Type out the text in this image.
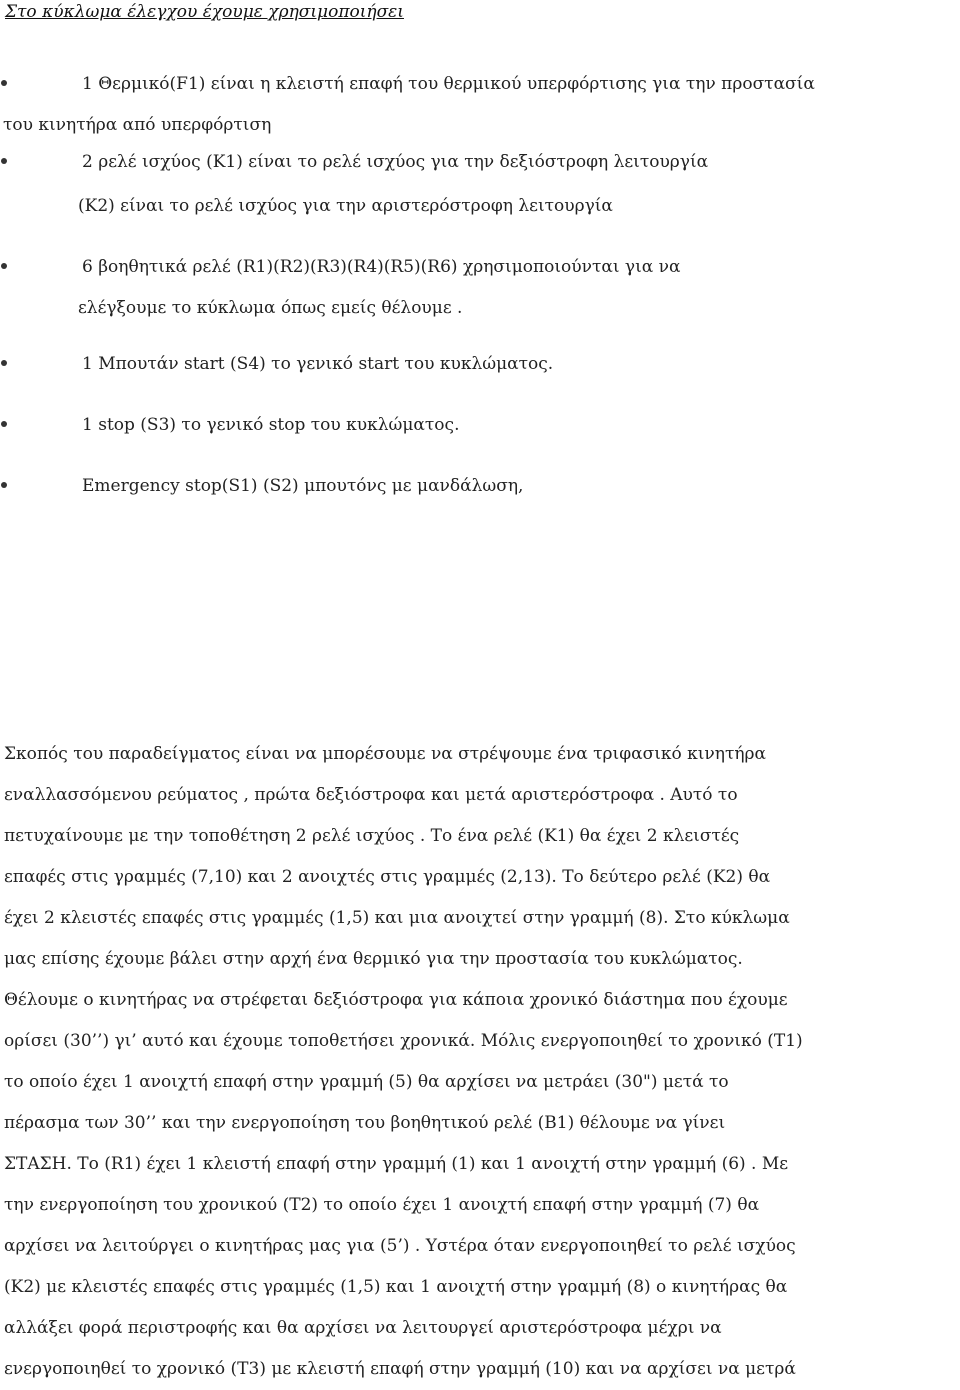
Στο κύκλωμα έλεγχου έχουμε χρησιμοποιήσει
1 Θερμικό(F1) είναι η κλειστή επαφή του θερμικού υπερφόρτισης για την προστασία
του κινητήρα από υπερφόρτιση
2 ρελέ ισχύος (Κ1) είναι το ρελέ ισχύος για την δεξιόστροφη λειτουργία
(Κ2) είναι το ρελέ ισχύος για την αριστερόστροφη λειτουργία
6 βοηθητικά ρελέ (R1)(R2)(R3)(R4)(R5)(R6) χρησιμοποιούνται για να
ελέγξουμε το κύκλωμα όπως εμείς θέλουμε .
1 Μπουτάν start (S4) το γενικό start του κυκλώματος.
1 stop (S3) το γενικό stop του κυκλώματος.
Emergency stop(S1) (S2) μπουτόνς με μανδάλωση,
Σκοπός του παραδείγματος είναι να μπορέσουμε να στρέψουμε ένα τριφασικό κινητήρα
εναλλασσόμενου ρεύματος , πρώτα δεξιόστροφα και μετά αριστερόστροφα . Αυτό το
πετυχαίνουμε με την τοποθέτηση 2 ρελέ ισχύος . Το ένα ρελέ (Κ1) θα έχει 2 κλειστές
επαφές στις γραμμές (7,10) και 2 ανοιχτές στις γραμμές (2,13). Το δεύτερο ρελέ (Κ2) θα
έχει 2 κλειστές επαφές στις γραμμές (1,5) και μια ανοιχτεί στην γραμμή (8). Στο κύκλωμα
μας επίσης έχουμε βάλει στην αρχή ένα θερμικό για την προστασία του κυκλώματος.
Θέλουμε ο κινητήρας να στρέφεται δεξιόστροφα για κάποια χρονικό διάστημα που έχουμε
ορίσει (30’’) γι’ αυτό και έχουμε τοποθετήσει χρονικά. Μόλις ενεργοποιηθεί το χρονικό (Τ1)
το οποίο έχει 1 ανοιχτή επαφή στην γραμμή (5) θα αρχίσει να μετράει (30") μετά το
πέρασμα των 30’’ και την ενεργοποίηση του βοηθητικού ρελέ (Β1) θέλουμε να γίνει
ΣΤΑΣΗ. Το (R1) έχει 1 κλειστή επαφή στην γραμμή (1) και 1 ανοιχτή στην γραμμή (6) . Με
την ενεργοποίηση του χρονικού (Τ2) το οποίο έχει 1 ανοιχτή επαφή στην γραμμή (7) θα
αρχίσει να λειτούργει ο κινητήρας μας για (5’) . Υστέρα όταν ενεργοποιηθεί το ρελέ ισχύος
(Κ2) με κλειστές επαφές στις γραμμές (1,5) και 1 ανοιχτή στην γραμμή (8) ο κινητήρας θα
αλλάξει φορά περιστροφής και θα αρχίσει να λειτουργεί αριστερόστροφα μέχρι να
ενεργοποιηθεί το χρονικό (Τ3) με κλειστή επαφή στην γραμμή (10) και να αρχίσει να μετρά
